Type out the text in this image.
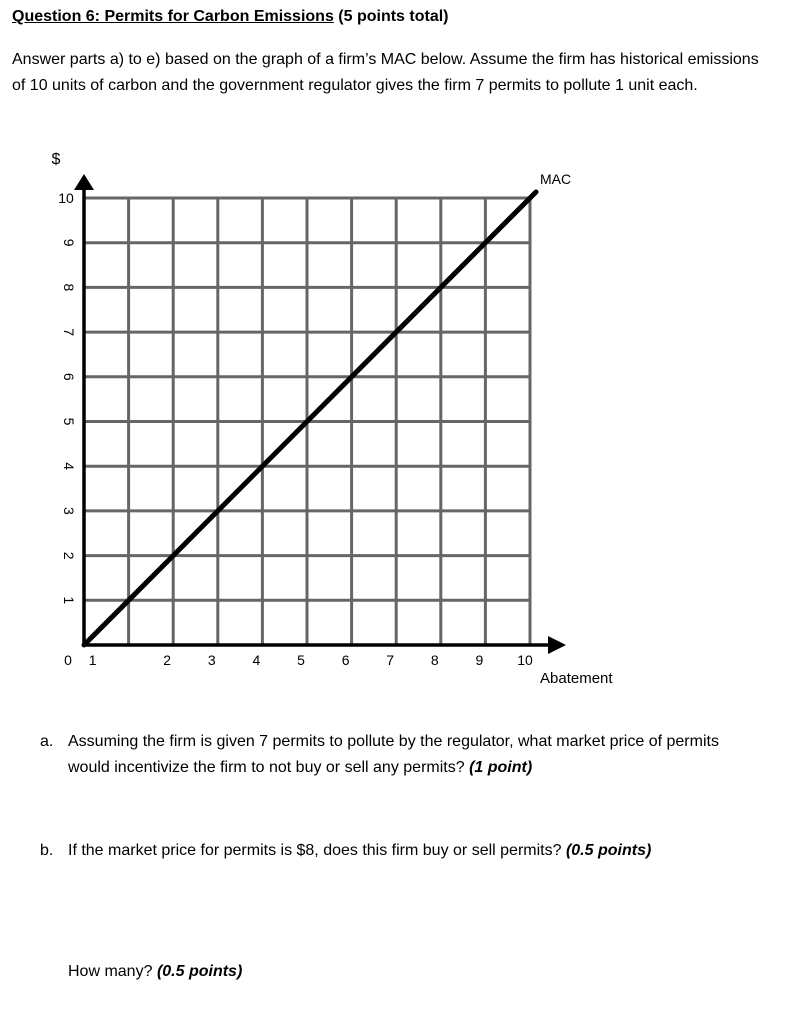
Question 6: Permits for Carbon Emissions (5 points total)
Answer parts a) to e) based on the graph of a firm’s MAC below. Assume the firm has historical emissions of 10 units of carbon and the government regulator gives the firm 7 permits to pollute 1 unit each.
MAC
$
1
2
3
4
5
6
7
8
9
10
0 1	2	3	4	5	6	7	8	9 10
Abatement
a. Assuming the firm is given 7 permits to pollute by the regulator, what market price of permits would incentivize the firm to not buy or sell any permits? (1 point)
b. If the market price for permits is $8, does this firm buy or sell permits? (0.5 points)
How many? (0.5 points)
